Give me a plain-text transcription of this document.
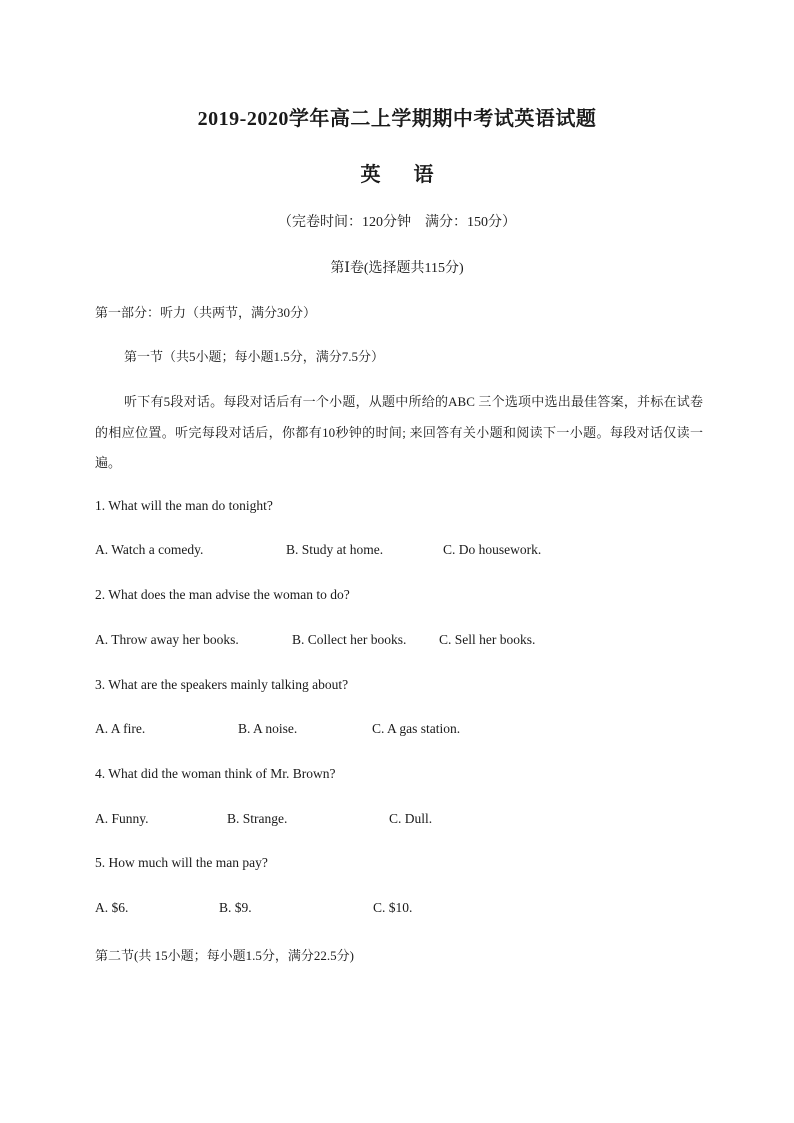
2019-2020学年高二上学期期中考试英语试题
英 语
（完卷时间：120分钟　满分：150分）
第Ⅰ卷(选择题共115分)
第一部分：听力（共两节，满分30分）
第一节（共5小题；每小题1.5分，满分7.5分）
听下有5段对话。每段对话后有一个小题，从题中所给的ABC 三个选项中选出最佳答案，并标在试卷的相应位置。听完每段对话后，你都有10秒钟的时间; 来回答有关小题和阅读下一小题。每段对话仅读一遍。
1. What will the man do tonight?
A. Watch a comedy.	B. Study at home.	C. Do housework.
2. What does the man advise the woman to do?
A. Throw away her books.	B. Collect her books. C. Sell her books.
3. What are the speakers mainly talking about?
A. A fire.	B. A noise.	C. A gas station.
4. What did the woman think of Mr. Brown?
A. Funny.	B. Strange.	C. Dull.
5. How much will the man pay?
A. $6.	B. $9.	C. $10.
第二节(共 15小题；每小题1.5分，满分22.5分)
